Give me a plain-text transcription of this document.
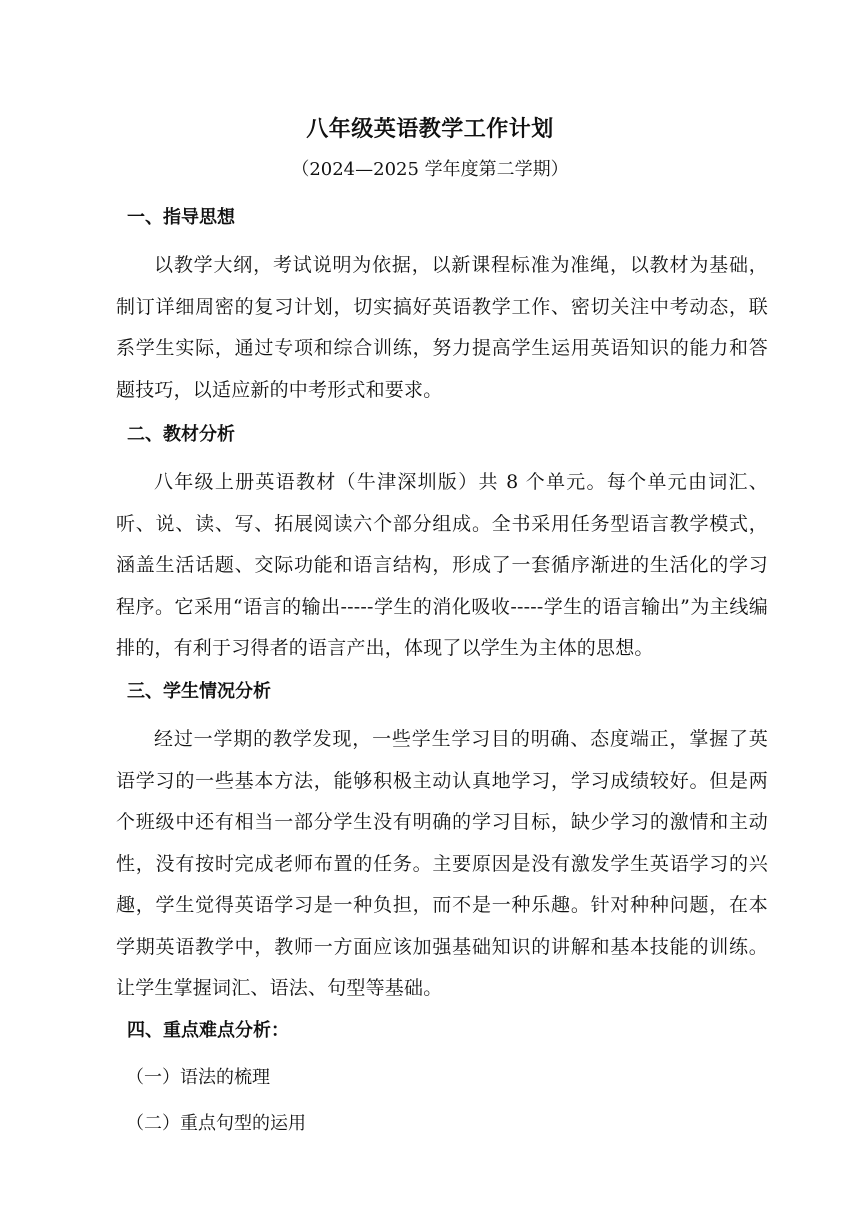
八年级英语教学工作计划
（2024—2025 学年度第二学期）
一、指导思想
以教学大纲，考试说明为依据，以新课程标准为准绳，以教材为基础，制订详细周密的复习计划，切实搞好英语教学工作、密切关注中考动态，联系学生实际，通过专项和综合训练，努力提高学生运用英语知识的能力和答题技巧，以适应新的中考形式和要求。
二、教材分析
八年级上册英语教材（牛津深圳版）共 8 个单元。每个单元由词汇、听、说、读、写、拓展阅读六个部分组成。全书采用任务型语言教学模式，涵盖生活话题、交际功能和语言结构，形成了一套循序渐进的生活化的学习程序。它采用“语言的输出-----学生的消化吸收-----学生的语言输出”为主线编排的，有利于习得者的语言产出，体现了以学生为主体的思想。
三、学生情况分析
经过一学期的教学发现，一些学生学习目的明确、态度端正，掌握了英语学习的一些基本方法，能够积极主动认真地学习，学习成绩较好。但是两个班级中还有相当一部分学生没有明确的学习目标，缺少学习的激情和主动性，没有按时完成老师布置的任务。主要原因是没有激发学生英语学习的兴趣，学生觉得英语学习是一种负担，而不是一种乐趣。针对种种问题，在本学期英语教学中，教师一方面应该加强基础知识的讲解和基本技能的训练。让学生掌握词汇、语法、句型等基础。
四、重点难点分析：
（一）语法的梳理
（二）重点句型的运用
